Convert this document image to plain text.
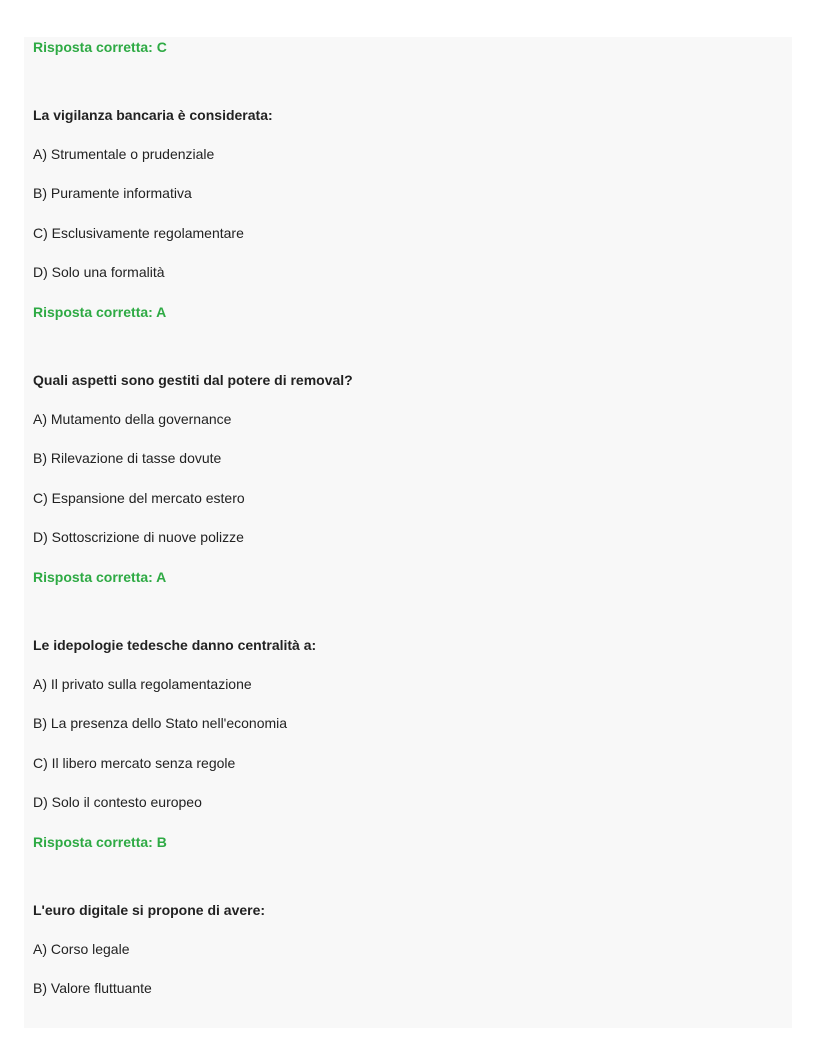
Risposta corretta: C
La vigilanza bancaria è considerata:
A) Strumentale o prudenziale
B) Puramente informativa
C) Esclusivamente regolamentare
D) Solo una formalità
Risposta corretta: A
Quali aspetti sono gestiti dal potere di removal?
A) Mutamento della governance
B) Rilevazione di tasse dovute
C) Espansione del mercato estero
D) Sottoscrizione di nuove polizze
Risposta corretta: A
Le idepologie tedesche danno centralità a:
A) Il privato sulla regolamentazione
B) La presenza dello Stato nell'economia
C) Il libero mercato senza regole
D) Solo il contesto europeo
Risposta corretta: B
L'euro digitale si propone di avere:
A) Corso legale
B) Valore fluttuante
